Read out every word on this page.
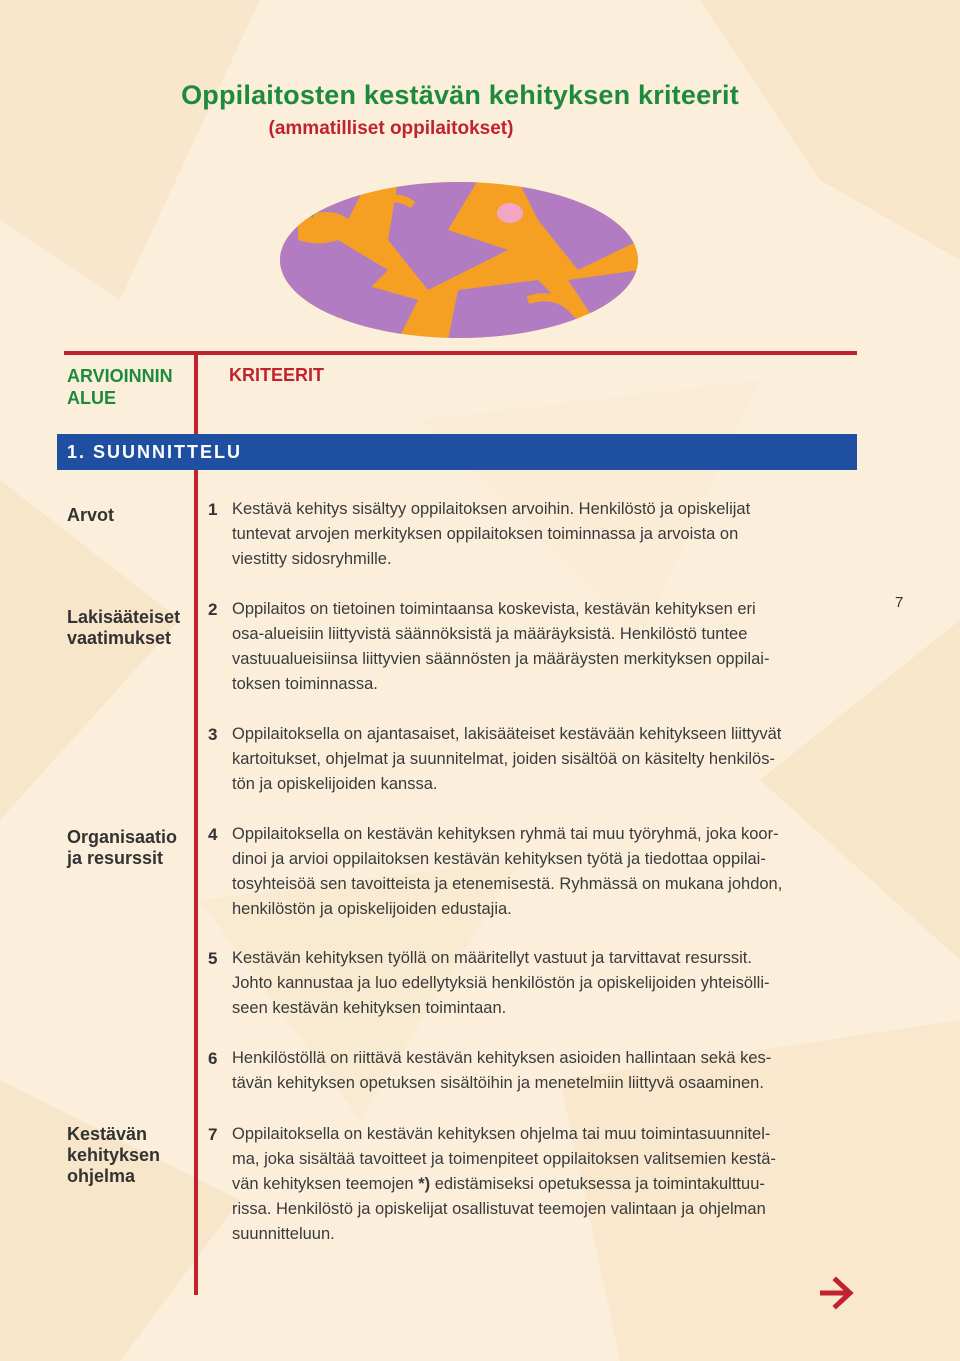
Oppilaitosten kestävän kehityksen kriteerit
(ammatilliset oppilaitokset)
ARVIOINNIN
ALUE
KRITEERIT
1. SUUNNITTELU
Arvot
Lakisääteiset
vaatimukset
Organisaatio
ja resurssit
Kestävän
kehityksen
ohjelma
1 Kestävä kehitys sisältyy oppilaitoksen arvoihin. Henkilöstö ja opiskelijat
tuntevat arvojen merkityksen oppilaitoksen toiminnassa ja arvoista on
viestitty sidosryhmille.
2 Oppilaitos on tietoinen toimintaansa koskevista, kestävän kehityksen eri
osa-alueisiin liittyvistä säännöksistä ja määräyksistä. Henkilöstö tuntee
vastuualueisiinsa liittyvien säännösten ja määräysten merkityksen oppilai-
toksen toiminnassa.
3 Oppilaitoksella on ajantasaiset, lakisääteiset kestävään kehitykseen liittyvät
kartoitukset, ohjelmat ja suunnitelmat, joiden sisältöä on käsitelty henkilös-
tön ja opiskelijoiden kanssa.
4 Oppilaitoksella on kestävän kehityksen ryhmä tai muu työryhmä, joka koor-
dinoi ja arvioi oppilaitoksen kestävän kehityksen työtä ja tiedottaa oppilai-
tosyhteisöä sen tavoitteista ja etenemisestä. Ryhmässä on mukana johdon,
henkilöstön ja opiskelijoiden edustajia.
5 Kestävän kehityksen työllä on määritellyt vastuut ja tarvittavat resurssit.
Johto kannustaa ja luo edellytyksiä henkilöstön ja opiskelijoiden yhteisölli-
seen kestävän kehityksen toimintaan.
6 Henkilöstöllä on riittävä kestävän kehityksen asioiden hallintaan sekä kes-
tävän kehityksen opetuksen sisältöihin ja menetelmiin liittyvä osaaminen.
7 Oppilaitoksella on kestävän kehityksen ohjelma tai muu toimintasuunnitel-
ma, joka sisältää tavoitteet ja toimenpiteet oppilaitoksen valitsemien kestä-
vän kehityksen teemojen *) edistämiseksi opetuksessa ja toimintakulttuu-
rissa. Henkilöstö ja opiskelijat osallistuvat teemojen valintaan ja ohjelman
suunnitteluun.
7
